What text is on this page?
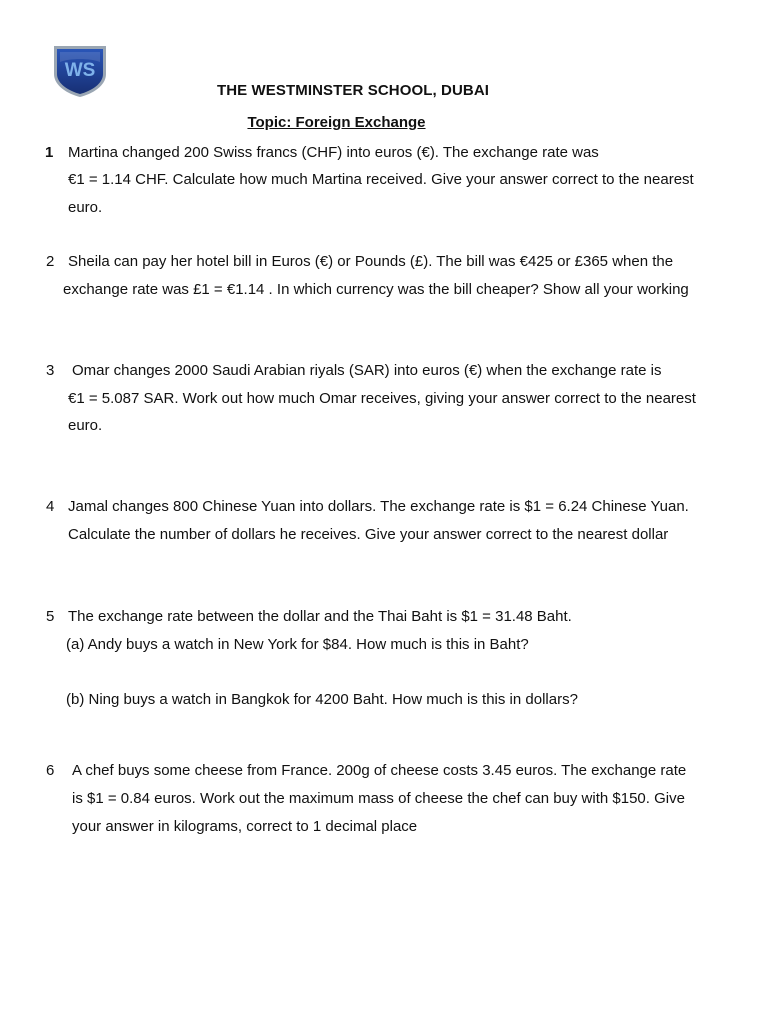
WS
THE WESTMINSTER SCHOOL, DUBAI
Topic: Foreign Exchange
1 Martina changed 200 Swiss francs (CHF) into euros (€). The exchange rate was
€1 = 1.14 CHF. Calculate how much Martina received. Give your answer correct to the nearest
euro.
2 Sheila can pay her hotel bill in Euros (€) or Pounds (£). The bill was €425 or £365 when the
exchange rate was £1 = €1.14 . In which currency was the bill cheaper? Show all your working
3 Omar changes 2000 Saudi Arabian riyals (SAR) into euros (€) when the exchange rate is
€1 = 5.087 SAR. Work out how much Omar receives, giving your answer correct to the nearest
euro.
4 Jamal changes 800 Chinese Yuan into dollars. The exchange rate is $1 = 6.24 Chinese Yuan.
Calculate the number of dollars he receives. Give your answer correct to the nearest dollar
5 The exchange rate between the dollar and the Thai Baht is $1 = 31.48 Baht.
(a) Andy buys a watch in New York for $84. How much is this in Baht?
(b) Ning buys a watch in Bangkok for 4200 Baht. How much is this in dollars?
6 A chef buys some cheese from France. 200g of cheese costs 3.45 euros. The exchange rate
is $1 = 0.84 euros. Work out the maximum mass of cheese the chef can buy with $150. Give
your answer in kilograms, correct to 1 decimal place
